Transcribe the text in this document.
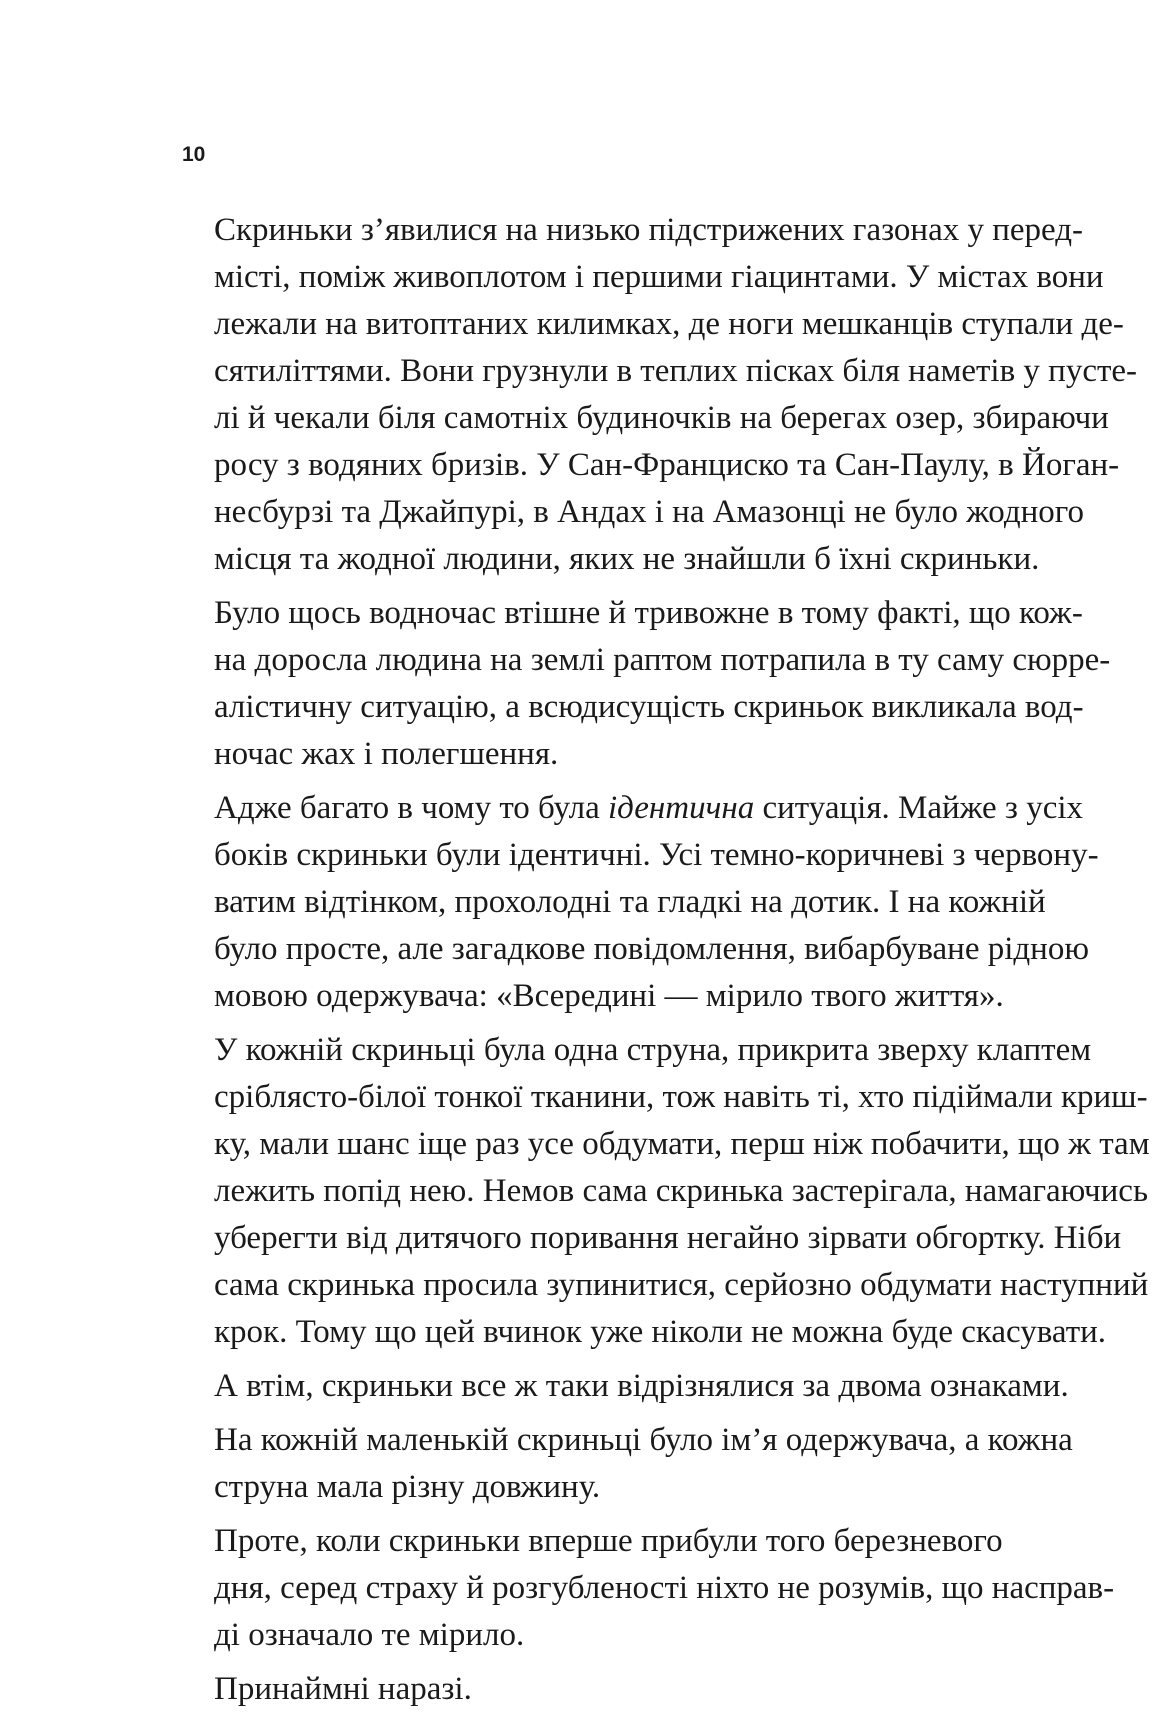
10

Скриньки з’явилися на низько підстрижених газонах у перед-
місті, поміж живоплотом і першими гіацинтами. У містах вони
лежали на витоптаних килимках, де ноги мешканців ступали де-
сятиліттями. Вони грузнули в теплих пісках біля наметів у пусте-
лі й чекали біля самотніх будиночків на берегах озер, збираючи
росу з водяних бризів. У Сан-Франциско та Сан-Паулу, в Йоган-
несбурзі та Джайпурі, в Андах і на Амазонці не було жодного
місця та жодної людини, яких не знайшли б їхні скриньки.

Було щось водночас втішне й тривожне в тому факті, що кож-
на доросла людина на землі раптом потрапила в ту саму сюрре-
алістичну ситуацію, а всюдисущість скриньок викликала вод-
ночас жах і полегшення.

Адже багато в чому то була ідентична ситуація. Майже з усіх
боків скриньки були ідентичні. Усі темно-коричневі з червону-
ватим відтінком, прохолодні та гладкі на дотик. І на кожній
було просте, але загадкове повідомлення, вибарбуване рідною
мовою одержувача: «Всередині — мірило твого життя».

У кожній скриньці була одна струна, прикрита зверху клаптем
сріблясто-білої тонкої тканини, тож навіть ті, хто підіймали криш-
ку, мали шанс іще раз усе обдумати, перш ніж побачити, що ж там
лежить попід нею. Немов сама скринька застерігала, намагаючись
уберегти від дитячого поривання негайно зірвати обгортку. Ніби
сама скринька просила зупинитися, серйозно обдумати наступний
крок. Тому що цей вчинок уже ніколи не можна буде скасувати.

А втім, скриньки все ж таки відрізнялися за двома ознаками.

На кожній маленькій скриньці було ім’я одержувача, а кожна
струна мала різну довжину.

Проте, коли скриньки вперше прибули того березневого
дня, серед страху й розгубленості ніхто не розумів, що насправ-
ді означало те мірило.

Принаймні наразі.
